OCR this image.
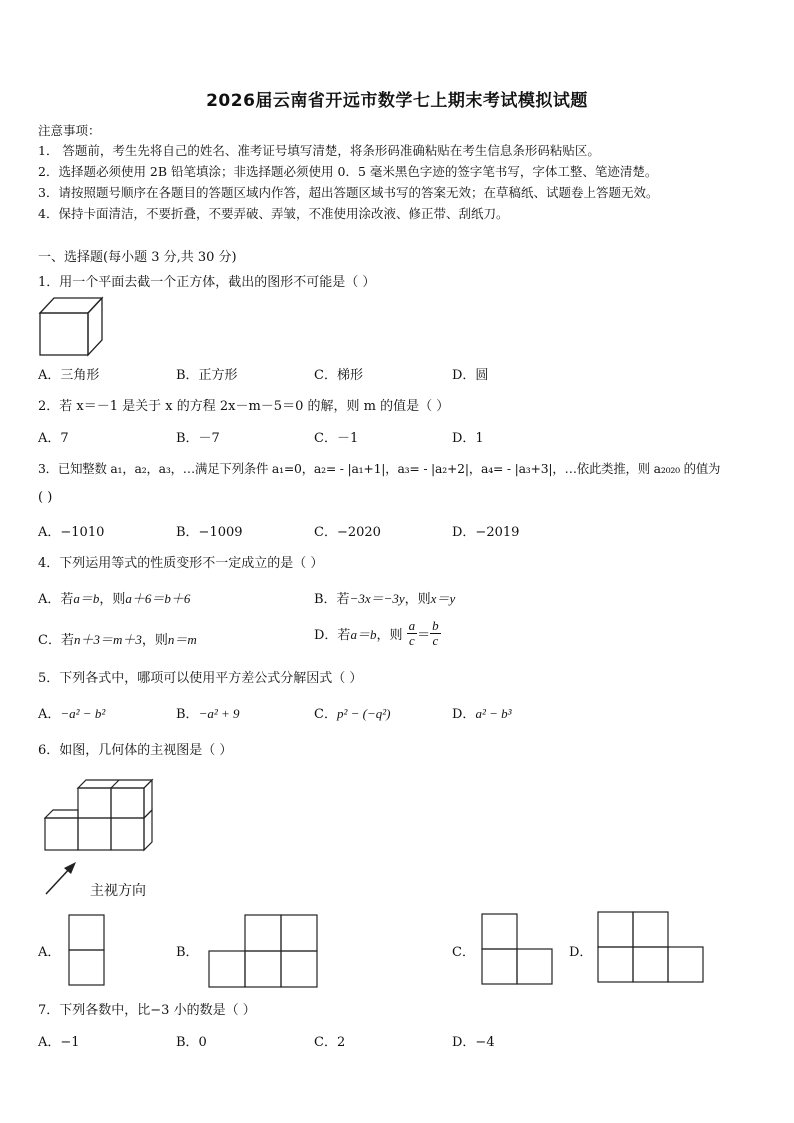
2026届云南省开远市数学七上期末考试模拟试题
注意事项：
1． 答题前，考生先将自己的姓名、准考证号填写清楚，将条形码准确粘贴在考生信息条形码粘贴区。
2．选择题必须使用 2B 铅笔填涂；非选择题必须使用 0．5 毫米黑色字迹的签字笔书写，字体工整、笔迹清楚。
3．请按照题号顺序在各题目的答题区域内作答，超出答题区域书写的答案无效；在草稿纸、试题卷上答题无效。
4．保持卡面清洁，不要折叠，不要弄破、弄皱，不准使用涂改液、修正带、刮纸刀。
一、选择题(每小题 3 分,共 30 分)
1．用一个平面去截一个正方体，截出的图形不可能是（ ）
A．三角形	B．正方形	C．梯形	D．圆
2．若 x＝－1 是关于 x 的方程 2x－m－5＝0 的解，则 m 的值是（ ）
A．7	B．－7	C．－1	D．1
3．已知整数 a₁，a₂，a₃，…满足下列条件 a₁=0，a₂= - |a₁+1|，a₃= - |a₂+2|，a₄= - |a₃+3|，…依此类推，则 a₂₀₂₀ 的值为
( )
A．−1010	B．−1009	C．−2020	D．−2019
4．下列运用等式的性质变形不一定成立的是（ ）
A．若a＝b，则a＋6＝b＋6	B．若−3x＝−3y，则x＝y
C．若n＋3＝m＋3，则n＝m	D．若a＝b，则 $\frac{a}{c} = \frac{b}{c}$
5．下列各式中，哪项可以使用平方差公式分解因式（ ）
A．−a² − b²	B．−a² + 9	C．p² − (−q²)	D．a² − b³
6．如图，几何体的主视图是（ ）
主视方向
A．	B．	C．	D．
7．下列各数中，比−3 小的数是（ ）
A．−1	B．0	C．2	D．−4
